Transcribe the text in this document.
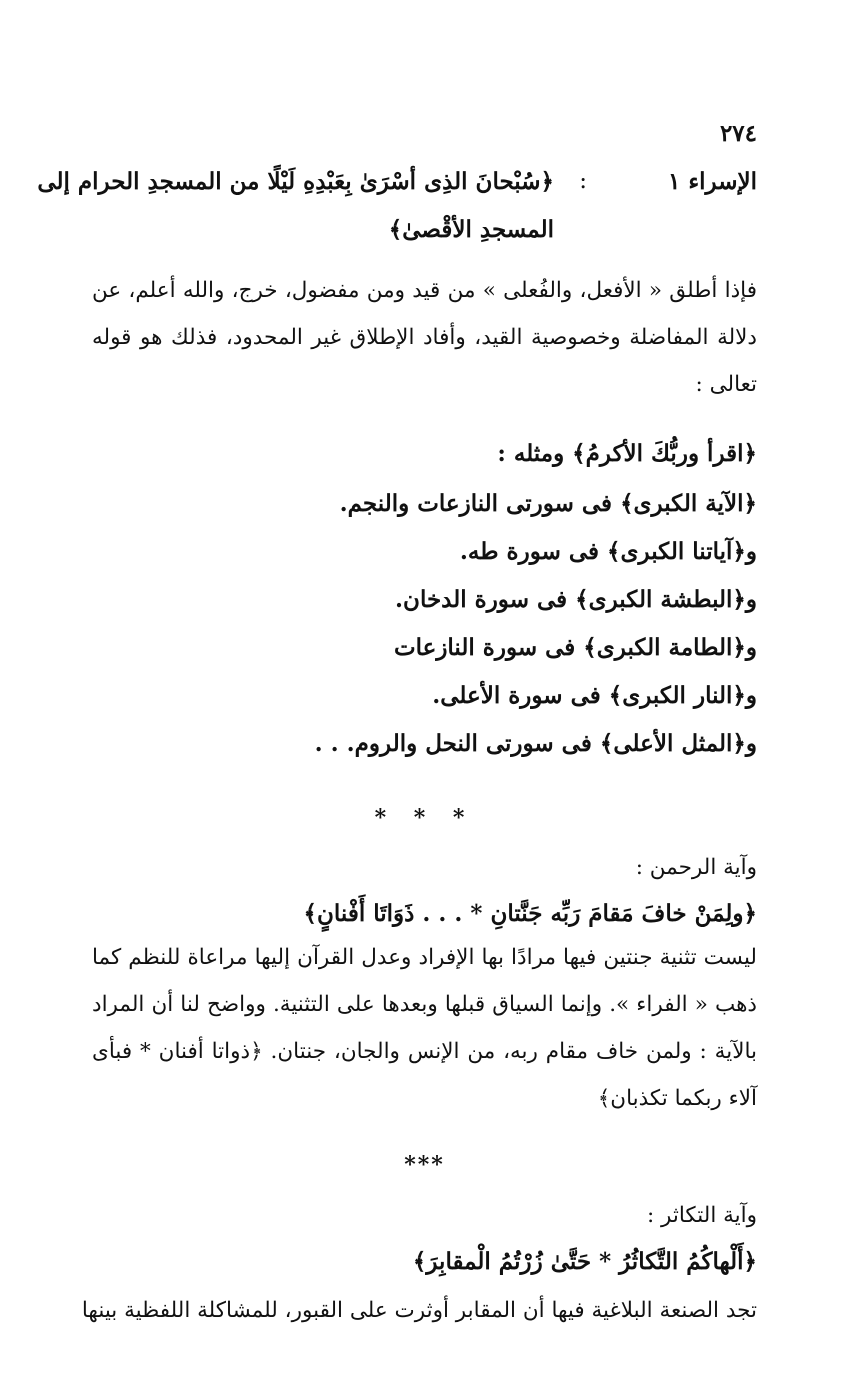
٢٧٤
الإسراء ١
:
﴿سُبْحانَ الذِى أسْرَىٰ بِعَبْدِهِ لَيْلًا من المسجدِ الحرام إلى
المسجدِ الأقْصىٰ﴾
فإذا أطلق « الأفعل، والفُعلى » من قيد ومن مفضول، خرج، والله أعلم، عن
دلالة المفاضلة وخصوصية القيد، وأفاد الإطلاق غير المحدود، فذلك هو قوله
تعالى :
﴿اقرأ وربُّكَ الأكرمُ﴾ ومثله :
﴿الآية الكبرى﴾ فى سورتى النازعات والنجم.
و﴿آياتنا الكبرى﴾ فى سورة طه.
و﴿البطشة الكبرى﴾ فى سورة الدخان.
و﴿الطامة الكبرى﴾ فى سورة النازعات
و﴿النار الكبرى﴾ فى سورة الأعلى.
و﴿المثل الأعلى﴾ فى سورتى النحل والروم. . .
* * *
وآية الرحمن :
﴿ولِمَنْ خافَ مَقامَ رَبِّه جَنَّتانِ * . . . ذَوَاتَا أَفْنانٍ﴾
ليست تثنية جنتين فيها مرادًا بها الإفراد وعدل القرآن إليها مراعاة للنظم كما
ذهب « الفراء ». وإنما السياق قبلها وبعدها على التثنية. وواضح لنا أن المراد
بالآية : ولمن خاف مقام ربه، من الإنس والجان، جنتان. ﴿ذواتا أفنان * فبأى
آلاء ربكما تكذبان﴾
***
وآية التكاثر :
﴿أَلْهاكُمُ التَّكاثُرُ * حَتَّىٰ زُرْتُمُ الْمقابِرَ﴾
تجد الصنعة البلاغية فيها أن المقابر أوثرت على القبور، للمشاكلة اللفظية بينها
